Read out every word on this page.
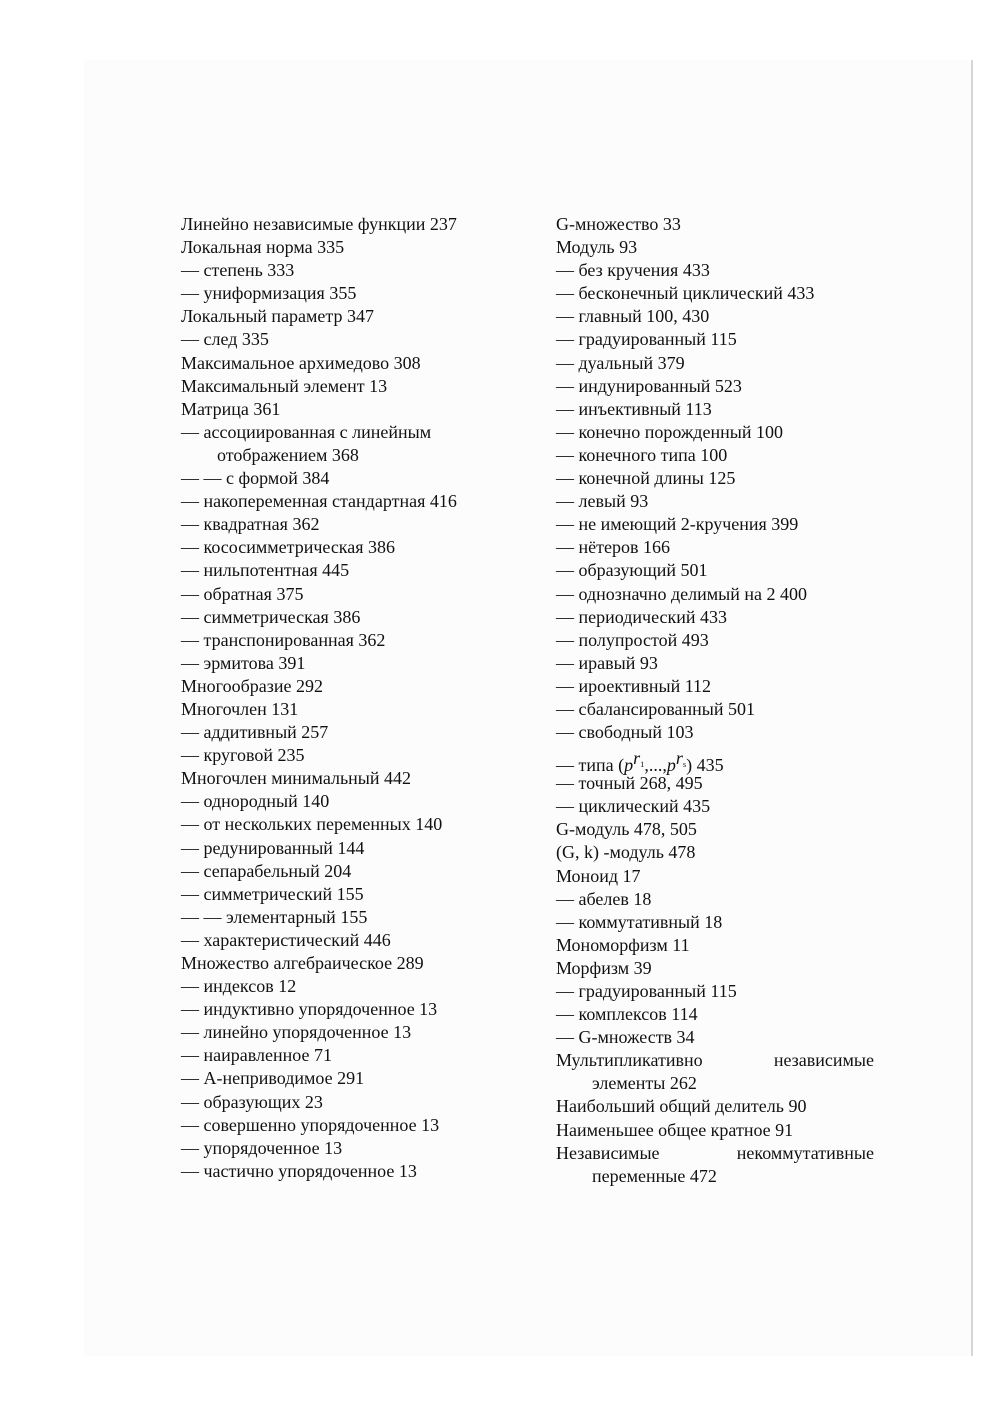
Линейно независимые функции 237
Локальная норма 335
— степень 333
— униформизация 355
Локальный параметр 347
— след 335
Максимальное архимедово 308
Максимальный элемент 13
Матрица 361
— ассоциированная с линейным
отображением 368
— — с формой 384
— накопеременная стандартная 416
— квадратная 362
— кососимметрическая 386
— нильпотентная 445
— обратная 375
— симметрическая 386
— транспонированная 362
— эрмитова 391
Многообразие 292
Многочлен 131
— аддитивный 257
— круговой 235
Многочлен минимальный 442
— однородный 140
— от нескольких переменных 140
— редунированный 144
— сепарабельный 204
— симметрический 155
— — элементарный 155
— характеристический 446
Множество алгебраическое 289
— индексов 12
— индуктивно упорядоченное 13
— линейно упорядоченное 13
— наиравленное 71
— А-неприводимое 291
— образующих 23
— совершенно упорядоченное 13
— упорядоченное 13
— частично упорядоченное 13
G-множество 33
Модуль 93
— без кручения 433
— бесконечный циклический 433
— главный 100, 430
— градуированный 115
— дуальный 379
— индунированный 523
— инъективный 113
— конечно порожденный 100
— конечного типа 100
— конечной длины 125
— левый 93
— не имеющий 2-кручения 399
— нётеров 166
— образующий 501
— однозначно делимый на 2 400
— периодический 433
— полупростой 493
— иравый 93
— ироективный 112
— сбалансированный 501
— свободный 103
— типа $(p^{r_1},...,p^{r_s})$ 435
— точный 268, 495
— циклический 435
G-модуль 478, 505
(G, k) -модуль 478
Моноид 17
— абелев 18
— коммутативный 18
Мономорфизм 11
Морфизм 39
— градуированный 115
— комплексов 114
— G-множеств 34
Мультипликативно	независимые
элементы 262
Наибольший общий делитель 90
Наименьшее общее кратное 91
Независимые	некоммутативные
переменные 472
